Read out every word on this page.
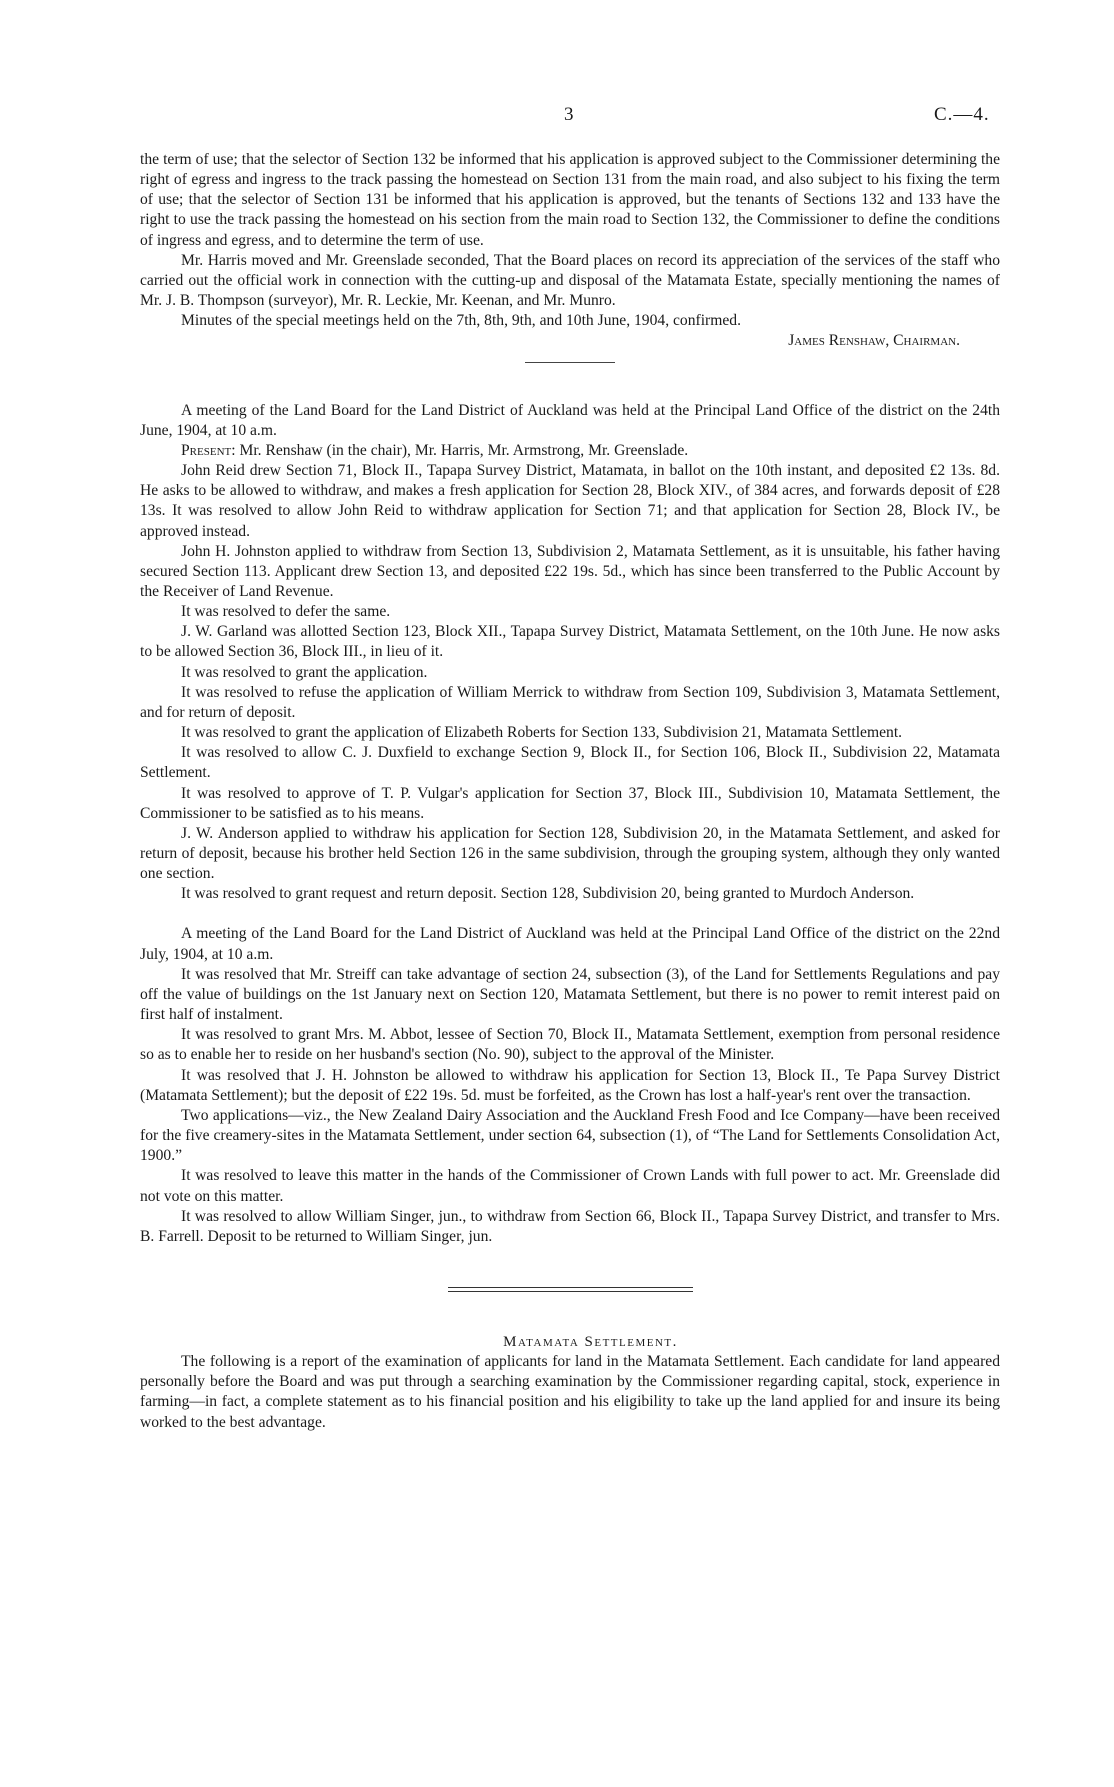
3	C.—4.

the term of use; that the selector of Section 132 be informed that his application is approved subject to the Commissioner determining the right of egress and ingress to the track passing the homestead on Section 131 from the main road, and also subject to his fixing the term of use; that the selector of Section 131 be informed that his application is approved, but the tenants of Sections 132 and 133 have the right to use the track passing the homestead on his section from the main road to Section 132, the Commissioner to define the conditions of ingress and egress, and to determine the term of use.

Mr. Harris moved and Mr. Greenslade seconded, That the Board places on record its appreciation of the services of the staff who carried out the official work in connection with the cutting-up and disposal of the Matamata Estate, specially mentioning the names of Mr. J. B. Thompson (surveyor), Mr. R. Leckie, Mr. Keenan, and Mr. Munro.

Minutes of the special meetings held on the 7th, 8th, 9th, and 10th June, 1904, confirmed.

James Renshaw, Chairman.

A meeting of the Land Board for the Land District of Auckland was held at the Principal Land Office of the district on the 24th June, 1904, at 10 a.m.

Present: Mr. Renshaw (in the chair), Mr. Harris, Mr. Armstrong, Mr. Greenslade.

John Reid drew Section 71, Block II., Tapapa Survey District, Matamata, in ballot on the 10th instant, and deposited £2 13s. 8d. He asks to be allowed to withdraw, and makes a fresh application for Section 28, Block XIV., of 384 acres, and forwards deposit of £28 13s. It was resolved to allow John Reid to withdraw application for Section 71; and that application for Section 28, Block IV., be approved instead.

John H. Johnston applied to withdraw from Section 13, Subdivision 2, Matamata Settlement, as it is unsuitable, his father having secured Section 113. Applicant drew Section 13, and deposited £22 19s. 5d., which has since been transferred to the Public Account by the Receiver of Land Revenue.

It was resolved to defer the same.

J. W. Garland was allotted Section 123, Block XII., Tapapa Survey District, Matamata Settlement, on the 10th June. He now asks to be allowed Section 36, Block III., in lieu of it.

It was resolved to grant the application.

It was resolved to refuse the application of William Merrick to withdraw from Section 109, Subdivision 3, Matamata Settlement, and for return of deposit.

It was resolved to grant the application of Elizabeth Roberts for Section 133, Subdivision 21, Matamata Settlement.

It was resolved to allow C. J. Duxfield to exchange Section 9, Block II., for Section 106, Block II., Subdivision 22, Matamata Settlement.

It was resolved to approve of T. P. Vulgar's application for Section 37, Block III., Subdivision 10, Matamata Settlement, the Commissioner to be satisfied as to his means.

J. W. Anderson applied to withdraw his application for Section 128, Subdivision 20, in the Matamata Settlement, and asked for return of deposit, because his brother held Section 126 in the same subdivision, through the grouping system, although they only wanted one section.

It was resolved to grant request and return deposit. Section 128, Subdivision 20, being granted to Murdoch Anderson.

A meeting of the Land Board for the Land District of Auckland was held at the Principal Land Office of the district on the 22nd July, 1904, at 10 a.m.

It was resolved that Mr. Streiff can take advantage of section 24, subsection (3), of the Land for Settlements Regulations and pay off the value of buildings on the 1st January next on Section 120, Matamata Settlement, but there is no power to remit interest paid on first half of instalment.

It was resolved to grant Mrs. M. Abbot, lessee of Section 70, Block II., Matamata Settlement, exemption from personal residence so as to enable her to reside on her husband's section (No. 90), subject to the approval of the Minister.

It was resolved that J. H. Johnston be allowed to withdraw his application for Section 13, Block II., Te Papa Survey District (Matamata Settlement); but the deposit of £22 19s. 5d. must be forfeited, as the Crown has lost a half-year's rent over the transaction.

Two applications—viz., the New Zealand Dairy Association and the Auckland Fresh Food and Ice Company—have been received for the five creamery-sites in the Matamata Settlement, under section 64, subsection (1), of “The Land for Settlements Consolidation Act, 1900.”

It was resolved to leave this matter in the hands of the Commissioner of Crown Lands with full power to act. Mr. Greenslade did not vote on this matter.

It was resolved to allow William Singer, jun., to withdraw from Section 66, Block II., Tapapa Survey District, and transfer to Mrs. B. Farrell. Deposit to be returned to William Singer, jun.

Matamata Settlement.

The following is a report of the examination of applicants for land in the Matamata Settlement. Each candidate for land appeared personally before the Board and was put through a searching examination by the Commissioner regarding capital, stock, experience in farming—in fact, a complete statement as to his financial position and his eligibility to take up the land applied for and insure its being worked to the best advantage.
